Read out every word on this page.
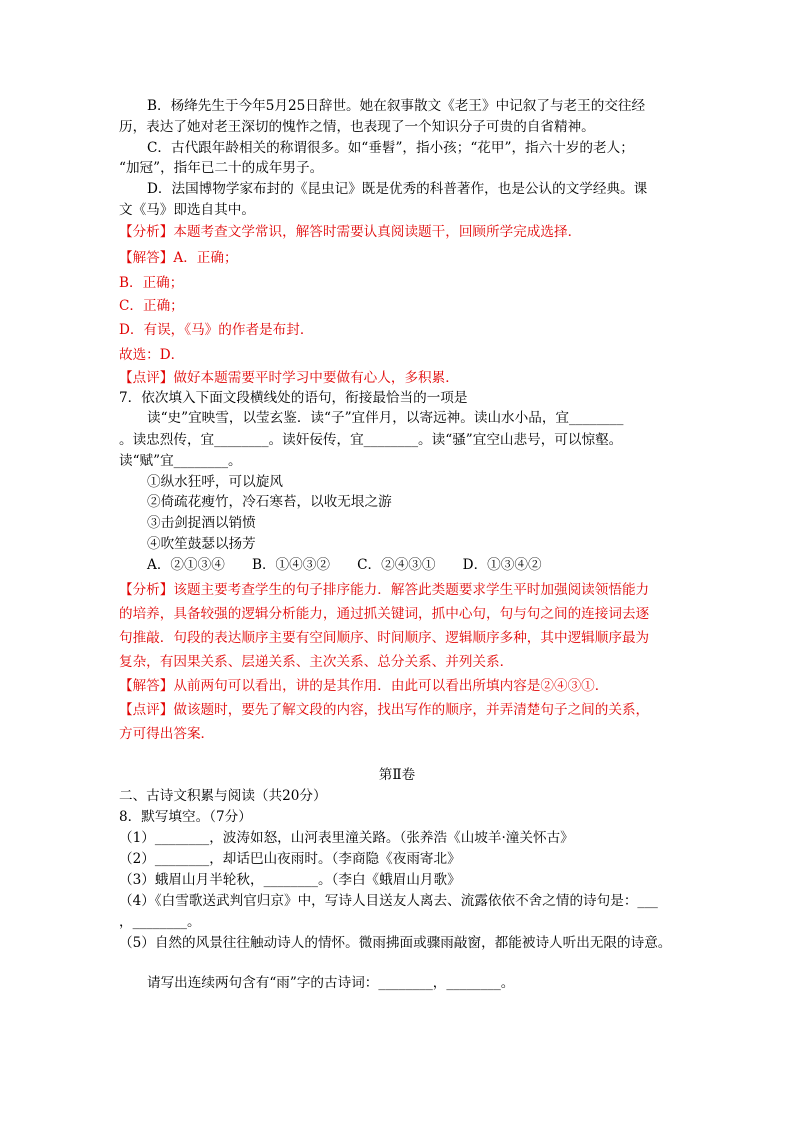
B．杨绛先生于今年5月25日辞世。她在叙事散文《老王》中记叙了与老王的交往经
历，表达了她对老王深切的愧怍之情，也表现了一个知识分子可贵的自省精神。
C．古代跟年龄相关的称谓很多。如“垂髫”，指小孩；“花甲”，指六十岁的老人；
“加冠”，指年已二十的成年男子。
D．法国博物学家布封的《昆虫记》既是优秀的科普著作，也是公认的文学经典。课
文《马》即选自其中。
【分析】本题考查文学常识，解答时需要认真阅读题干，回顾所学完成选择．
【解答】A．正确；
B．正确；
C．正确；
D．有误，《马》的作者是布封．
故选：D．
【点评】做好本题需要平时学习中要做有心人，多积累．
7．依次填入下面文段横线处的语句，衔接最恰当的一项是
读“史”宜映雪，以莹玄鉴．读“子”宜伴月，以寄远神。读山水小品，宜________
。读忠烈传，宜________。读奸佞传，宜________。读“骚”宜空山悲号，可以惊壑。
读“赋”宜________。
①纵水狂呼，可以旋风
②倚疏花瘦竹，冷石寒苔，以收无垠之游
③击剑捉酒以销愤
④吹笙鼓瑟以扬芳
A．②①③④　　B．①④③②　　C．②④③①　　D．①③④②
【分析】该题主要考查学生的句子排序能力．解答此类题要求学生平时加强阅读领悟能力
的培养，具备较强的逻辑分析能力，通过抓关键词，抓中心句，句与句之间的连接词去逐
句推敲．句段的表达顺序主要有空间顺序、时间顺序、逻辑顺序多种，其中逻辑顺序最为
复杂，有因果关系、层递关系、主次关系、总分关系、并列关系．
【解答】从前两句可以看出，讲的是其作用．由此可以看出所填内容是②④③①．
【点评】做该题时，要先了解文段的内容，找出写作的顺序，并弄清楚句子之间的关系，
方可得出答案．
第Ⅱ卷
二、古诗文积累与阅读（共20分）
8．默写填空。（7分）
（1）________，波涛如怒，山河表里潼关路。（张养浩《山坡羊·潼关怀古》
（2）________，却话巴山夜雨时。（李商隐《夜雨寄北》
（3）蛾眉山月半轮秋，________。（李白《蛾眉山月歌》
（4）《白雪歌送武判官归京》中，写诗人目送友人离去、流露依依不舍之情的诗句是：___
，________。
（5）自然的风景往往触动诗人的情怀。微雨拂面或骤雨敲窗，都能被诗人听出无限的诗意。
请写出连续两句含有“雨”字的古诗词：________，________。
